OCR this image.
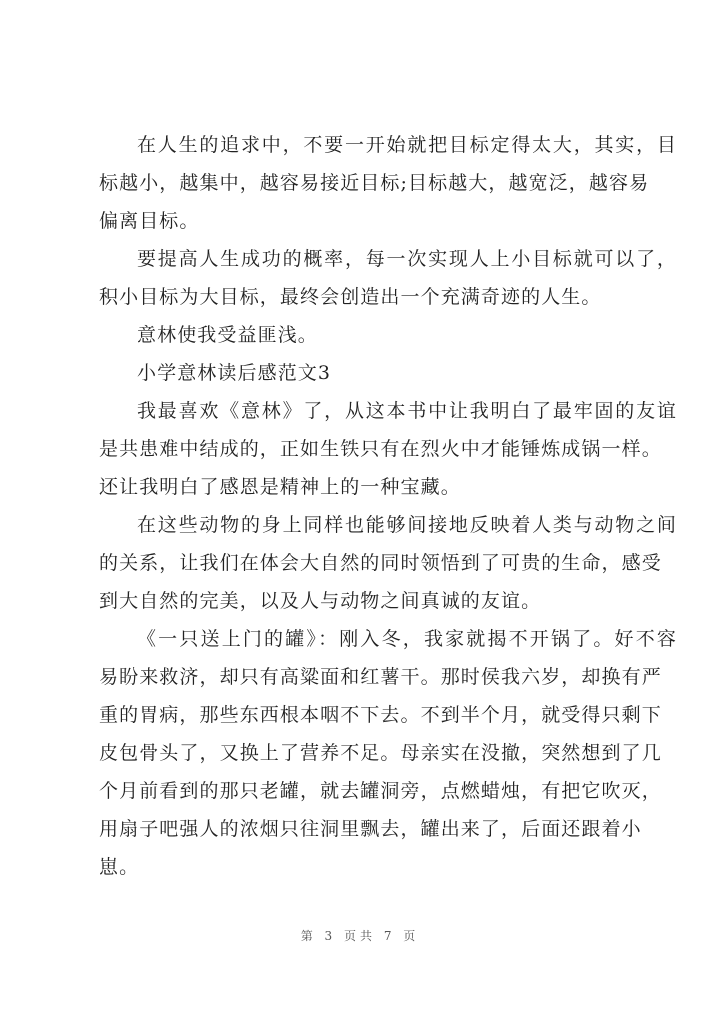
在人生的追求中，不要一开始就把目标定得太大，其实，目
标越小，越集中，越容易接近目标;目标越大，越宽泛，越容易
偏离目标。
要提高人生成功的概率，每一次实现人上小目标就可以了，
积小目标为大目标，最终会创造出一个充满奇迹的人生。
意林使我受益匪浅。
小学意林读后感范文3
我最喜欢《意林》了，从这本书中让我明白了最牢固的友谊
是共患难中结成的，正如生铁只有在烈火中才能锤炼成锅一样。
还让我明白了感恩是精神上的一种宝藏。
在这些动物的身上同样也能够间接地反映着人类与动物之间
的关系，让我们在体会大自然的同时领悟到了可贵的生命，感受
到大自然的完美，以及人与动物之间真诚的友谊。
《一只送上门的罐》：刚入冬，我家就揭不开锅了。好不容
易盼来救济，却只有高粱面和红薯干。那时侯我六岁，却换有严
重的胃病，那些东西根本咽不下去。不到半个月，就受得只剩下
皮包骨头了，又换上了营养不足。母亲实在没撤，突然想到了几
个月前看到的那只老罐，就去罐洞旁，点燃蜡烛，有把它吹灭，
用扇子吧强人的浓烟只往洞里飘去，罐出来了，后面还跟着小
崽。
第 3 页共 7 页
